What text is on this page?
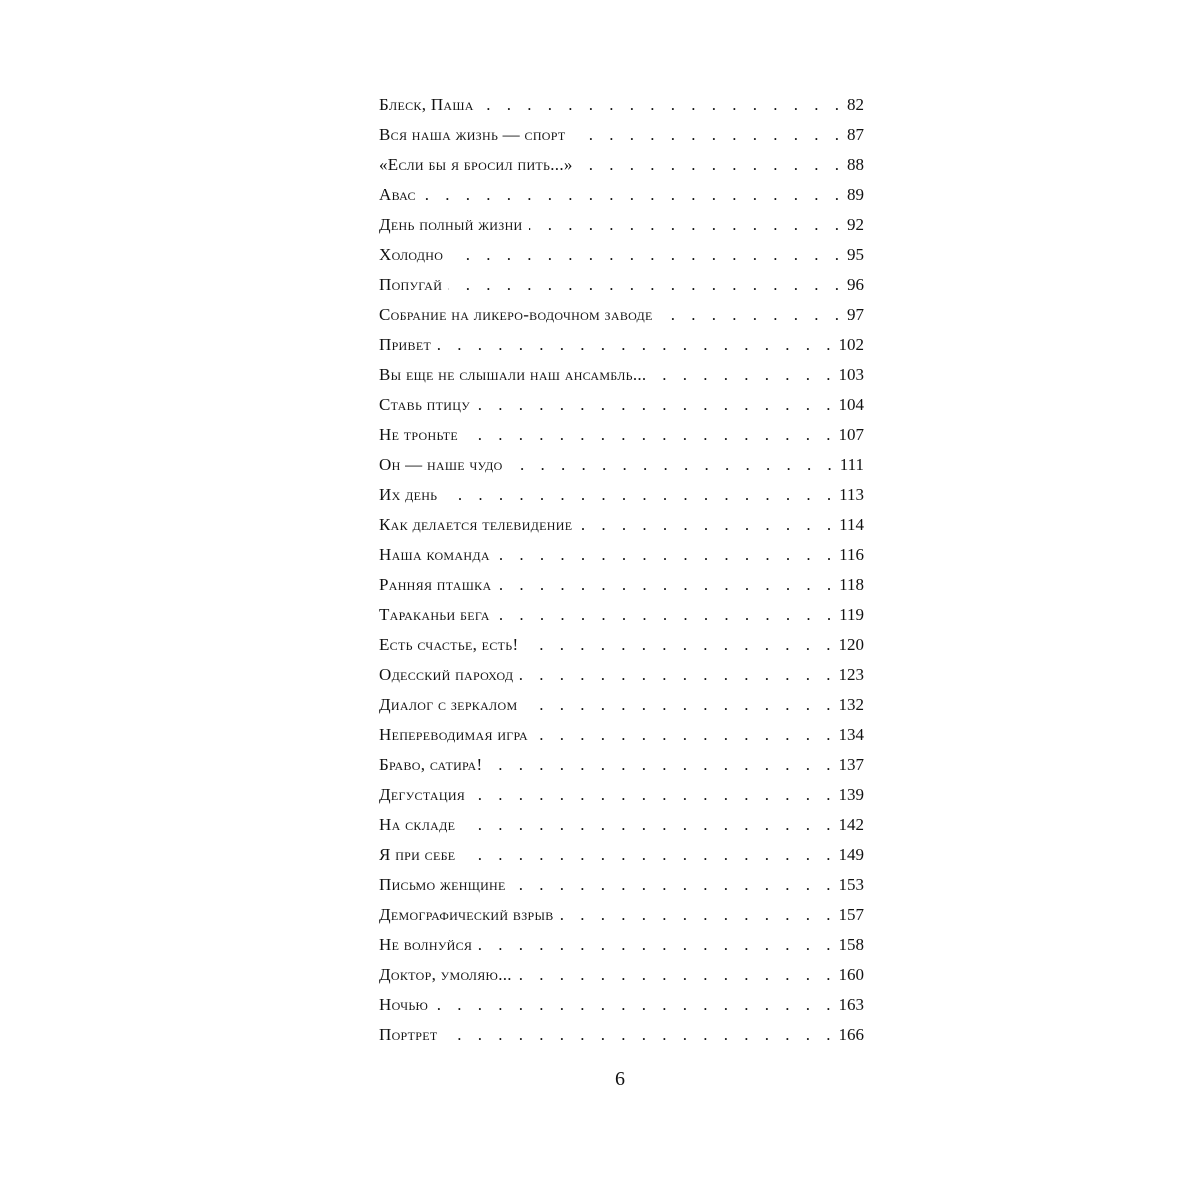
Блеск, Паша . . .	82
Вся наша жизнь — спорт . . .	87
«Если бы я бросил пить...» . . .	88
Авас . . .	89
День полный жизни . . .	92
Холодно . . .	95
Попугай . . .	96
Собрание на ликеро-водочном заводе . . .	97
Привет . . .	102
Вы еще не слышали наш ансамбль... . . .	103
Ставь птицу . . .	104
Не троньте . . .	107
Он — наше чудо . . .	111
Их день . . .	113
Как делается телевидение . . .	114
Наша команда . . .	116
Ранняя пташка . . .	118
Тараканьи бега . . .	119
Есть счастье, есть! . . .	120
Одесский пароход . . .	123
Диалог с зеркалом . . .	132
Непереводимая игра . . .	134
Браво, сатира! . . .	137
Дегустация . . .	139
На складе . . .	142
Я при себе . . .	149
Письмо женщине . . .	153
Демографический взрыв . . .	157
Не волнуйся . . .	158
Доктор, умоляю... . . .	160
Ночью . . .	163
Портрет . . .	166
6
